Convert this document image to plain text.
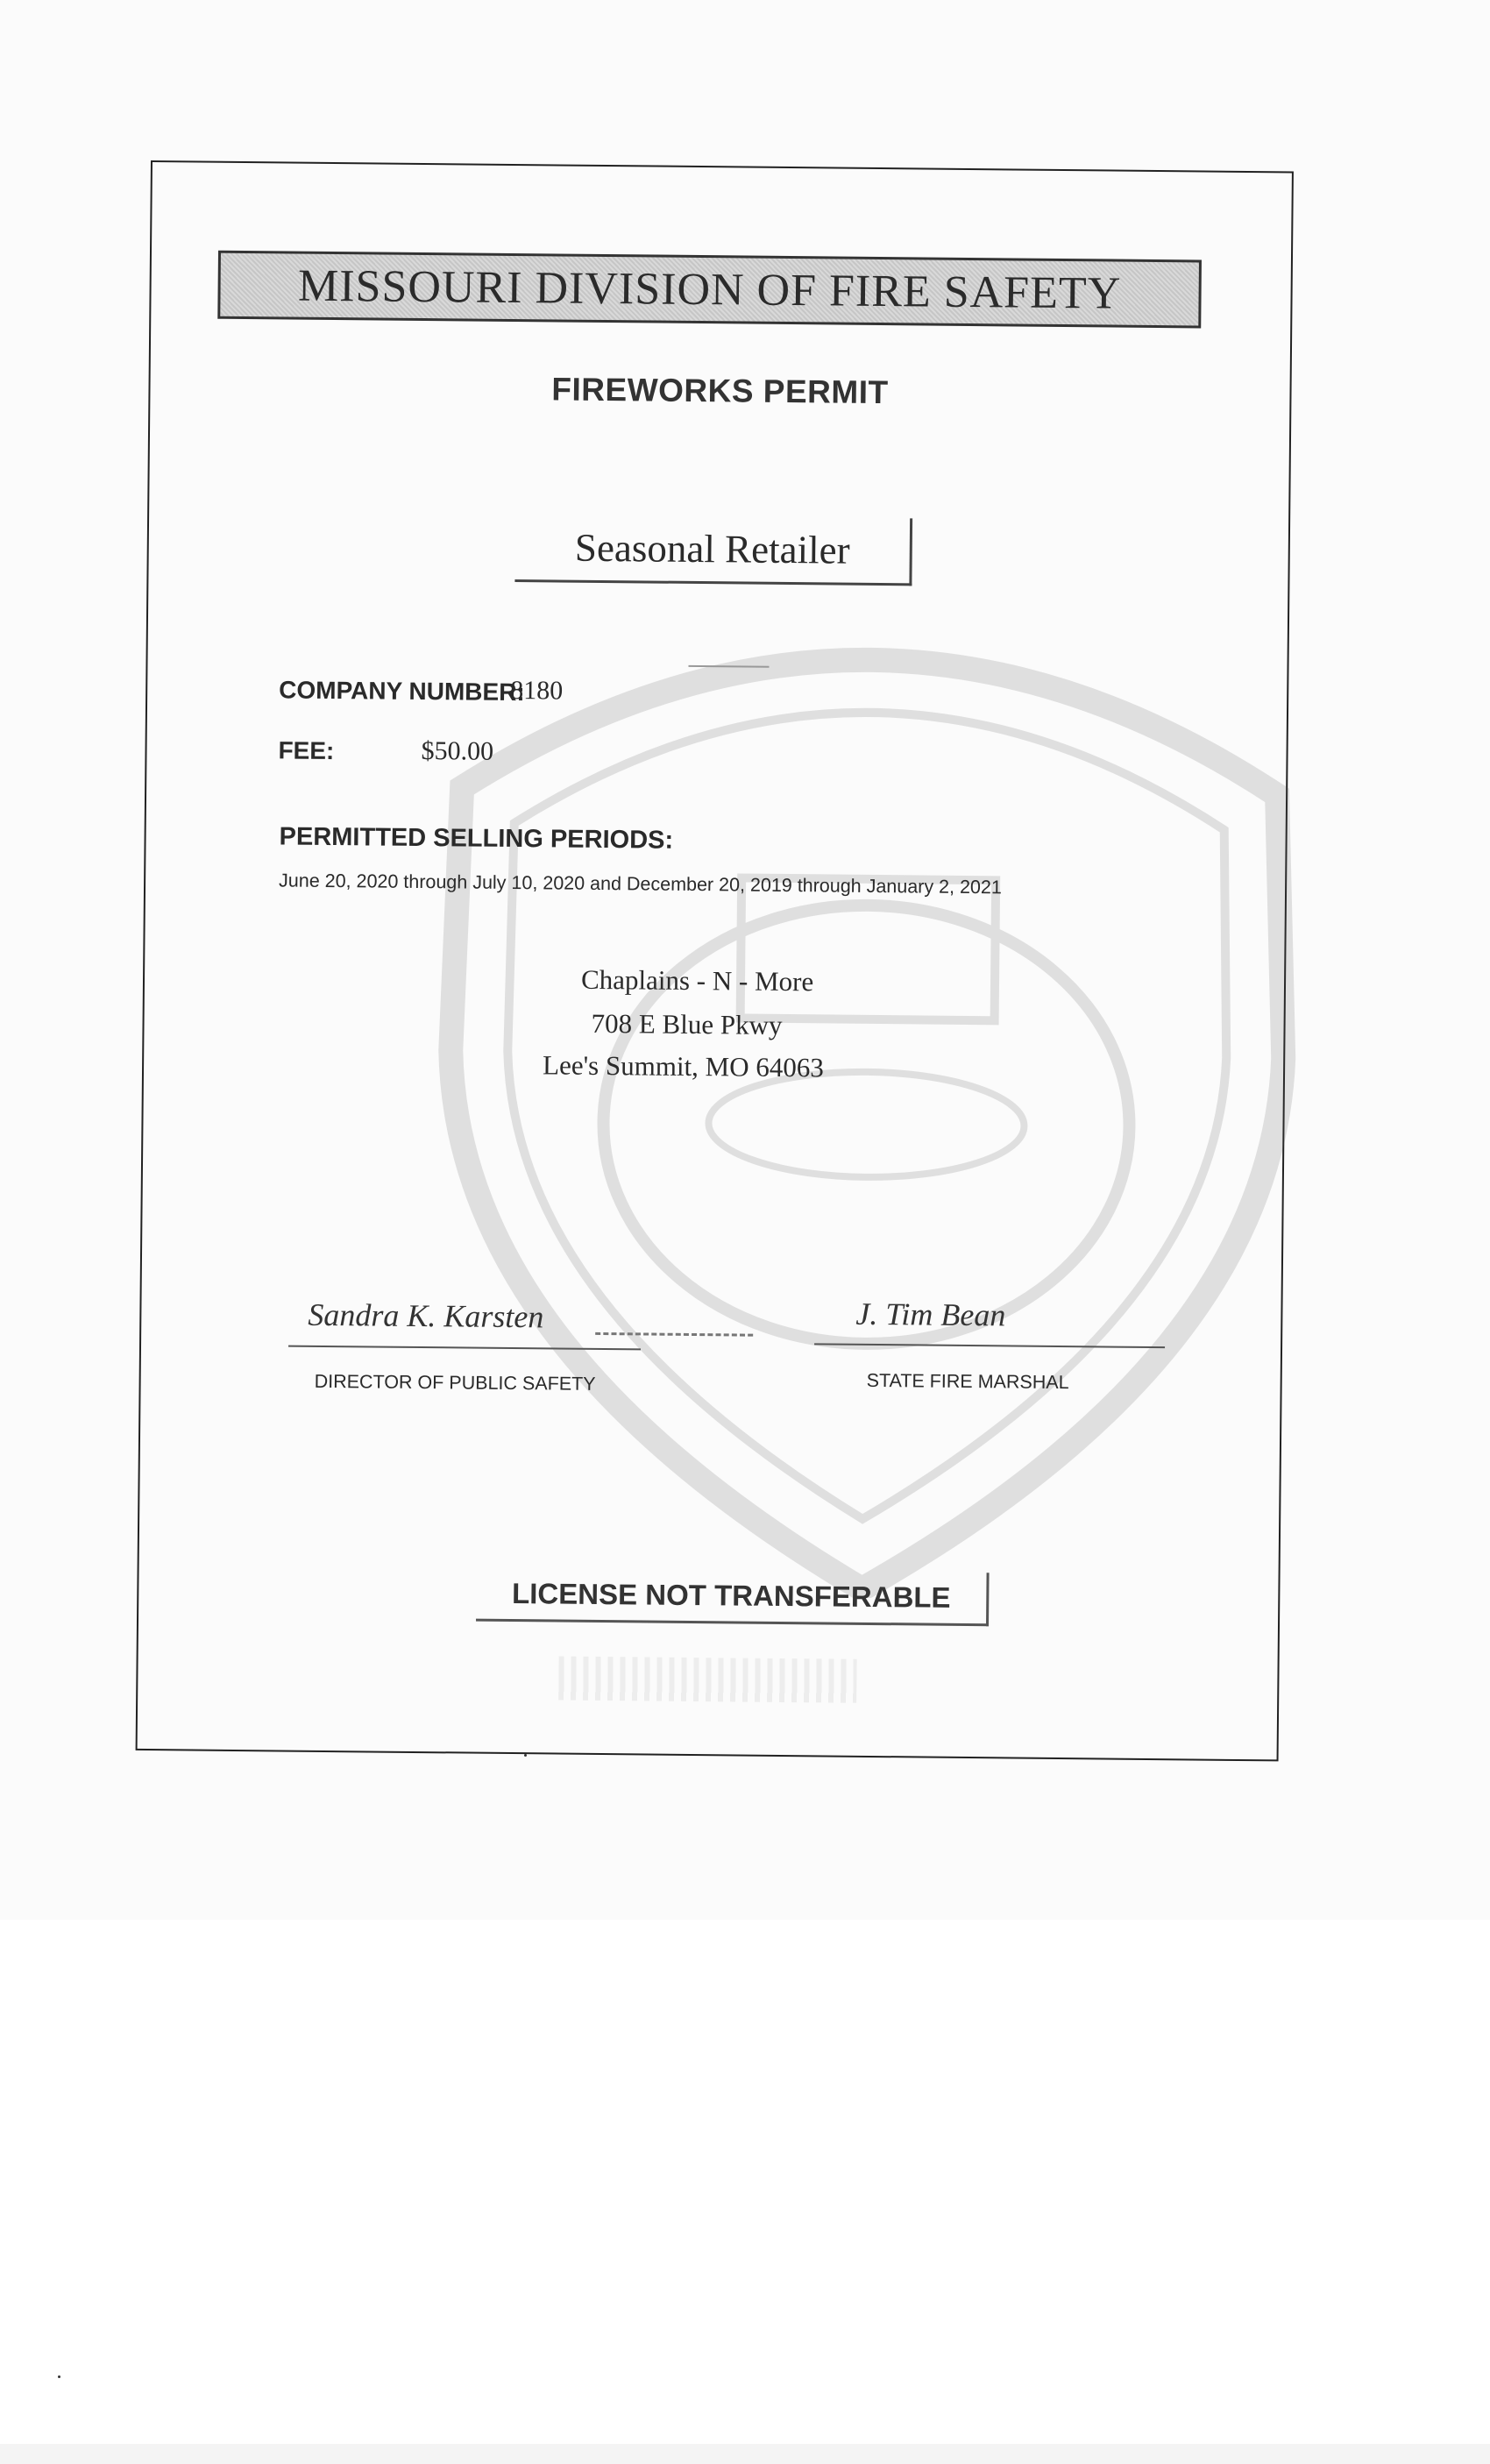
MISSOURI DIVISION OF FIRE SAFETY
FIREWORKS PERMIT
Seasonal Retailer
COMPANY NUMBER:
8180
FEE:	$50.00
PERMITTED SELLING PERIODS:
June 20, 2020 through July 10, 2020 and December 20, 2019 through January 2, 2021
Chaplains - N - More
708 E Blue Pkwy
Lee's Summit, MO 64063
Sandra K. Karsten
DIRECTOR OF PUBLIC SAFETY
J. Tim Bean
STATE FIRE MARSHAL
LICENSE NOT TRANSFERABLE
